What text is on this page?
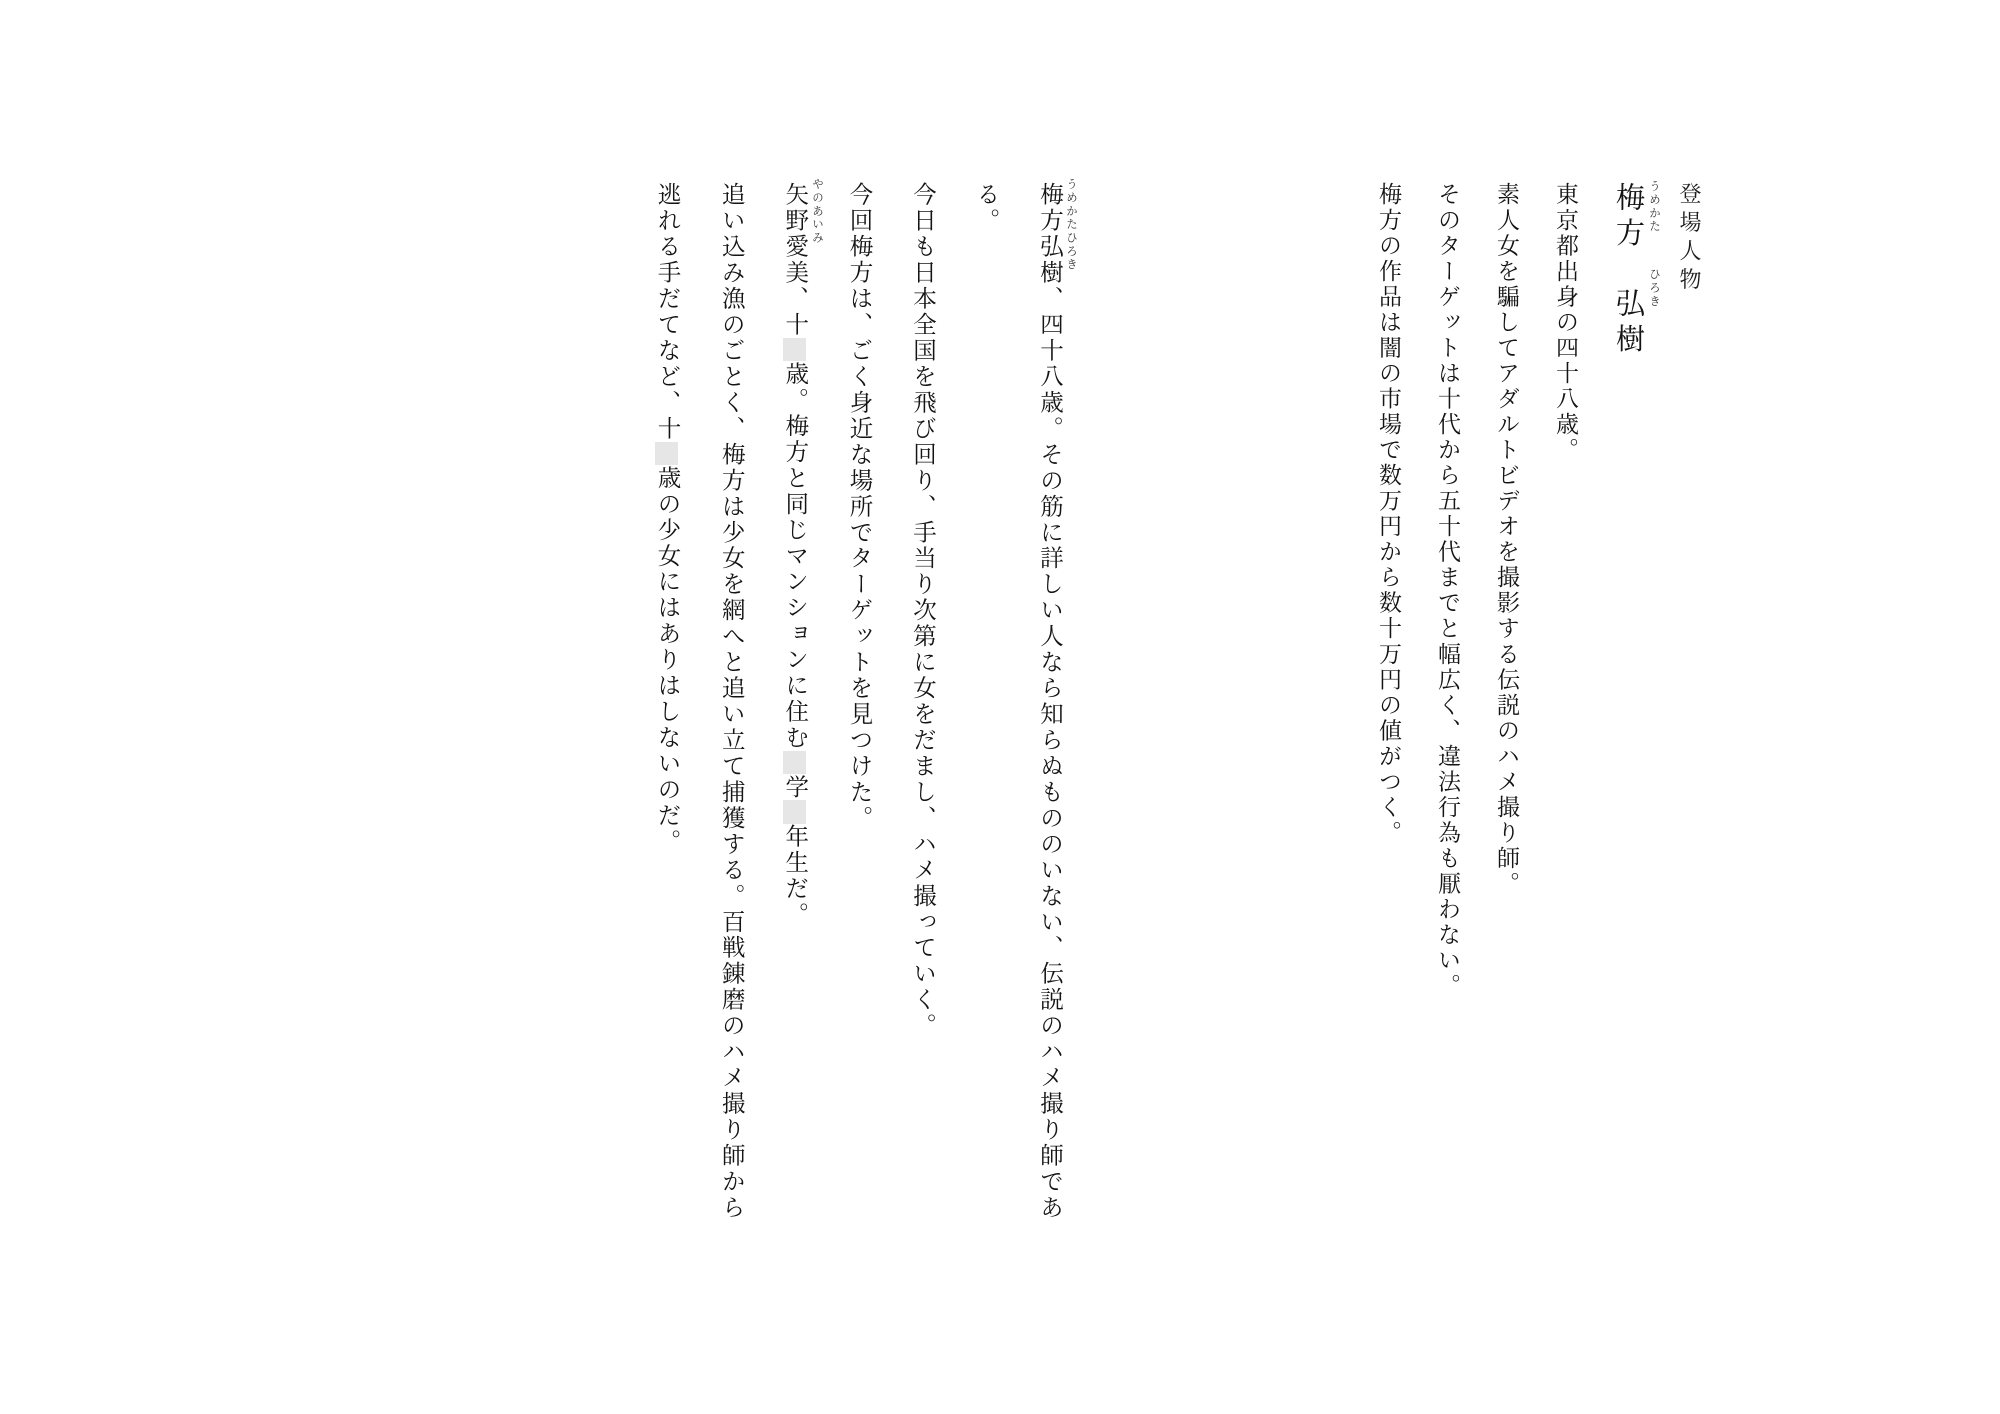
梅方の作品は闇の市場で数万円から数十万円の値がつく。 そのターゲットは十代から五十代までと幅広く、違法行為も厭わない。 素人女を騙してアダルトビデオを撮影する伝説のハメ撮り師。 東京都出身の四十八歳。	うめかた
ひろき
梅方　弘樹 登場人物
逃れる手だてなど、十歳の少女にはありはしないのだ。 追い込み漁のごとく、梅方は少女を網へと追い立て捕獲する。百戦錬磨のハメ撮り師から	やのあいみ
矢野愛美、十歳。梅方と同じマンションに住む学年生だ。
今回梅方は、ごく身近な場所でターゲットを見つけた。 今日も日本全国を飛び回り、手当り次第に女をだまし、ハメ撮っていく。 る。	うめかたひろき
梅方弘樹、四十八歳。その筋に詳しい人なら知らぬもののいない、伝説のハメ撮り師であ
